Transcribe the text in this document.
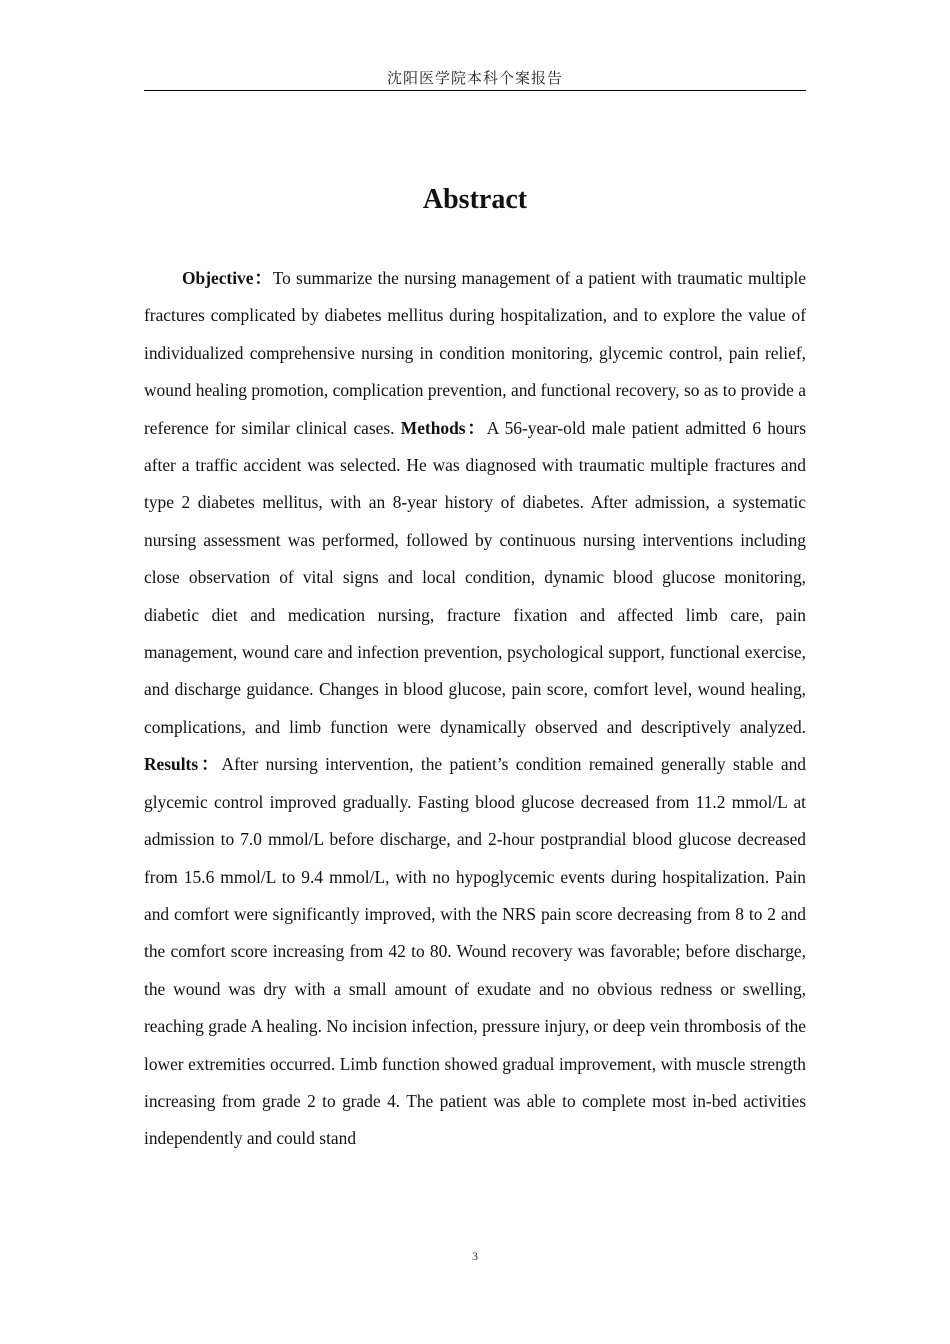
沈阳医学院本科个案报告
Abstract

Objective：To summarize the nursing management of a patient with traumatic multiple fractures complicated by diabetes mellitus during hospitalization, and to explore the value of individualized comprehensive nursing in condition monitoring, glycemic control, pain relief, wound healing promotion, complication prevention, and functional recovery, so as to provide a reference for similar clinical cases. Methods：A 56-year-old male patient admitted 6 hours after a traffic accident was selected. He was diagnosed with traumatic multiple fractures and type 2 diabetes mellitus, with an 8-year history of diabetes. After admission, a systematic nursing assessment was performed, followed by continuous nursing interventions including close observation of vital signs and local condition, dynamic blood glucose monitoring, diabetic diet and medication nursing, fracture fixation and affected limb care, pain management, wound care and infection prevention, psychological support, functional exercise, and discharge guidance. Changes in blood glucose, pain score, comfort level, wound healing, complications, and limb function were dynamically observed and descriptively analyzed. Results：After nursing intervention, the patient’s condition remained generally stable and glycemic control improved gradually. Fasting blood glucose decreased from 11.2 mmol/L at admission to 7.0 mmol/L before discharge, and 2-hour postprandial blood glucose decreased from 15.6 mmol/L to 9.4 mmol/L, with no hypoglycemic events during hospitalization. Pain and comfort were significantly improved, with the NRS pain score decreasing from 8 to 2 and the comfort score increasing from 42 to 80. Wound recovery was favorable; before discharge, the wound was dry with a small amount of exudate and no obvious redness or swelling, reaching grade A healing. No incision infection, pressure injury, or deep vein thrombosis of the lower extremities occurred. Limb function showed gradual improvement, with muscle strength increasing from grade 2 to grade 4. The patient was able to complete most in-bed activities independently and could stand

3
